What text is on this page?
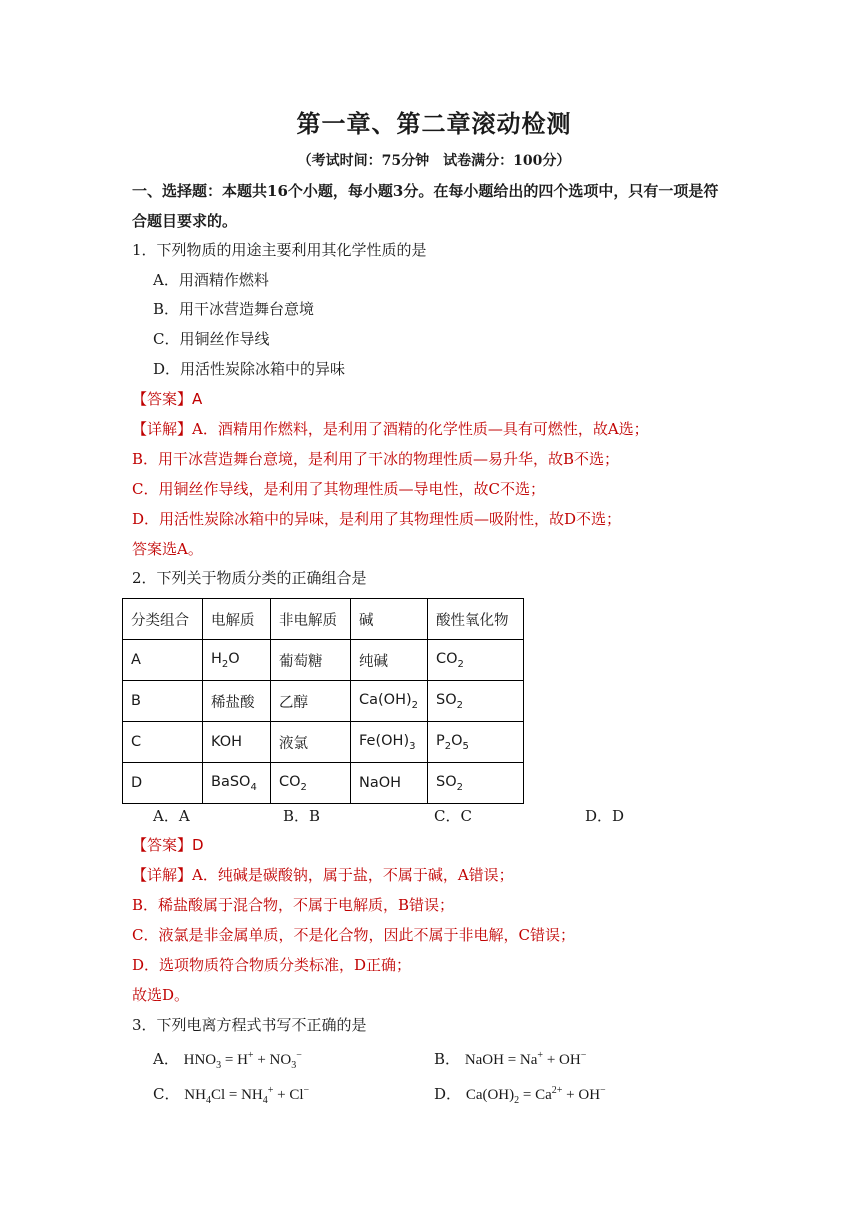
第一章、第二章滚动检测
（考试时间：75分钟　试卷满分：100分）
一、选择题：本题共16个小题，每小题3分。在每小题给出的四个选项中，只有一项是符
合题目要求的。
1．下列物质的用途主要利用其化学性质的是
A．用酒精作燃料
B．用干冰营造舞台意境
C．用铜丝作导线
D．用活性炭除冰箱中的异味
【答案】A
【详解】A．酒精用作燃料，是利用了酒精的化学性质—具有可燃性，故A选；
B．用干冰营造舞台意境，是利用了干冰的物理性质—易升华，故B不选；
C．用铜丝作导线，是利用了其物理性质—导电性，故C不选；
D．用活性炭除冰箱中的异味，是利用了其物理性质—吸附性，故D不选；
答案选A。
2．下列关于物质分类的正确组合是
分类组合	电解质	非电解质	碱	酸性氧化物
A	$H_2O$	葡萄糖	纯碱	$CO_2$
B	稀盐酸	乙醇	$Ca(OH)_2$	$SO_2$
C	KOH	液氯	$Fe(OH)_3$	$P_2O_5$
D	BaSO$_4$	$CO_2$	NaOH	$SO_2$
A．A	B．B	C．C	D．D
【答案】D
【详解】A．纯碱是碳酸钠，属于盐，不属于碱，A错误；
B．稀盐酸属于混合物，不属于电解质，B错误；
C．液氯是非金属单质，不是化合物，因此不属于非电解，C错误；
D．选项物质符合物质分类标准，D正确；
故选D。
3．下列电离方程式书写不正确的是
A． $HNO_3 = H^+ + NO_3^-$	B． NaOH = Na+ + OH−
C． $NH_4Cl = NH_4^+ + Cl^-$	D． $Ca(OH)_2 = Ca^{2+} + OH^-$
